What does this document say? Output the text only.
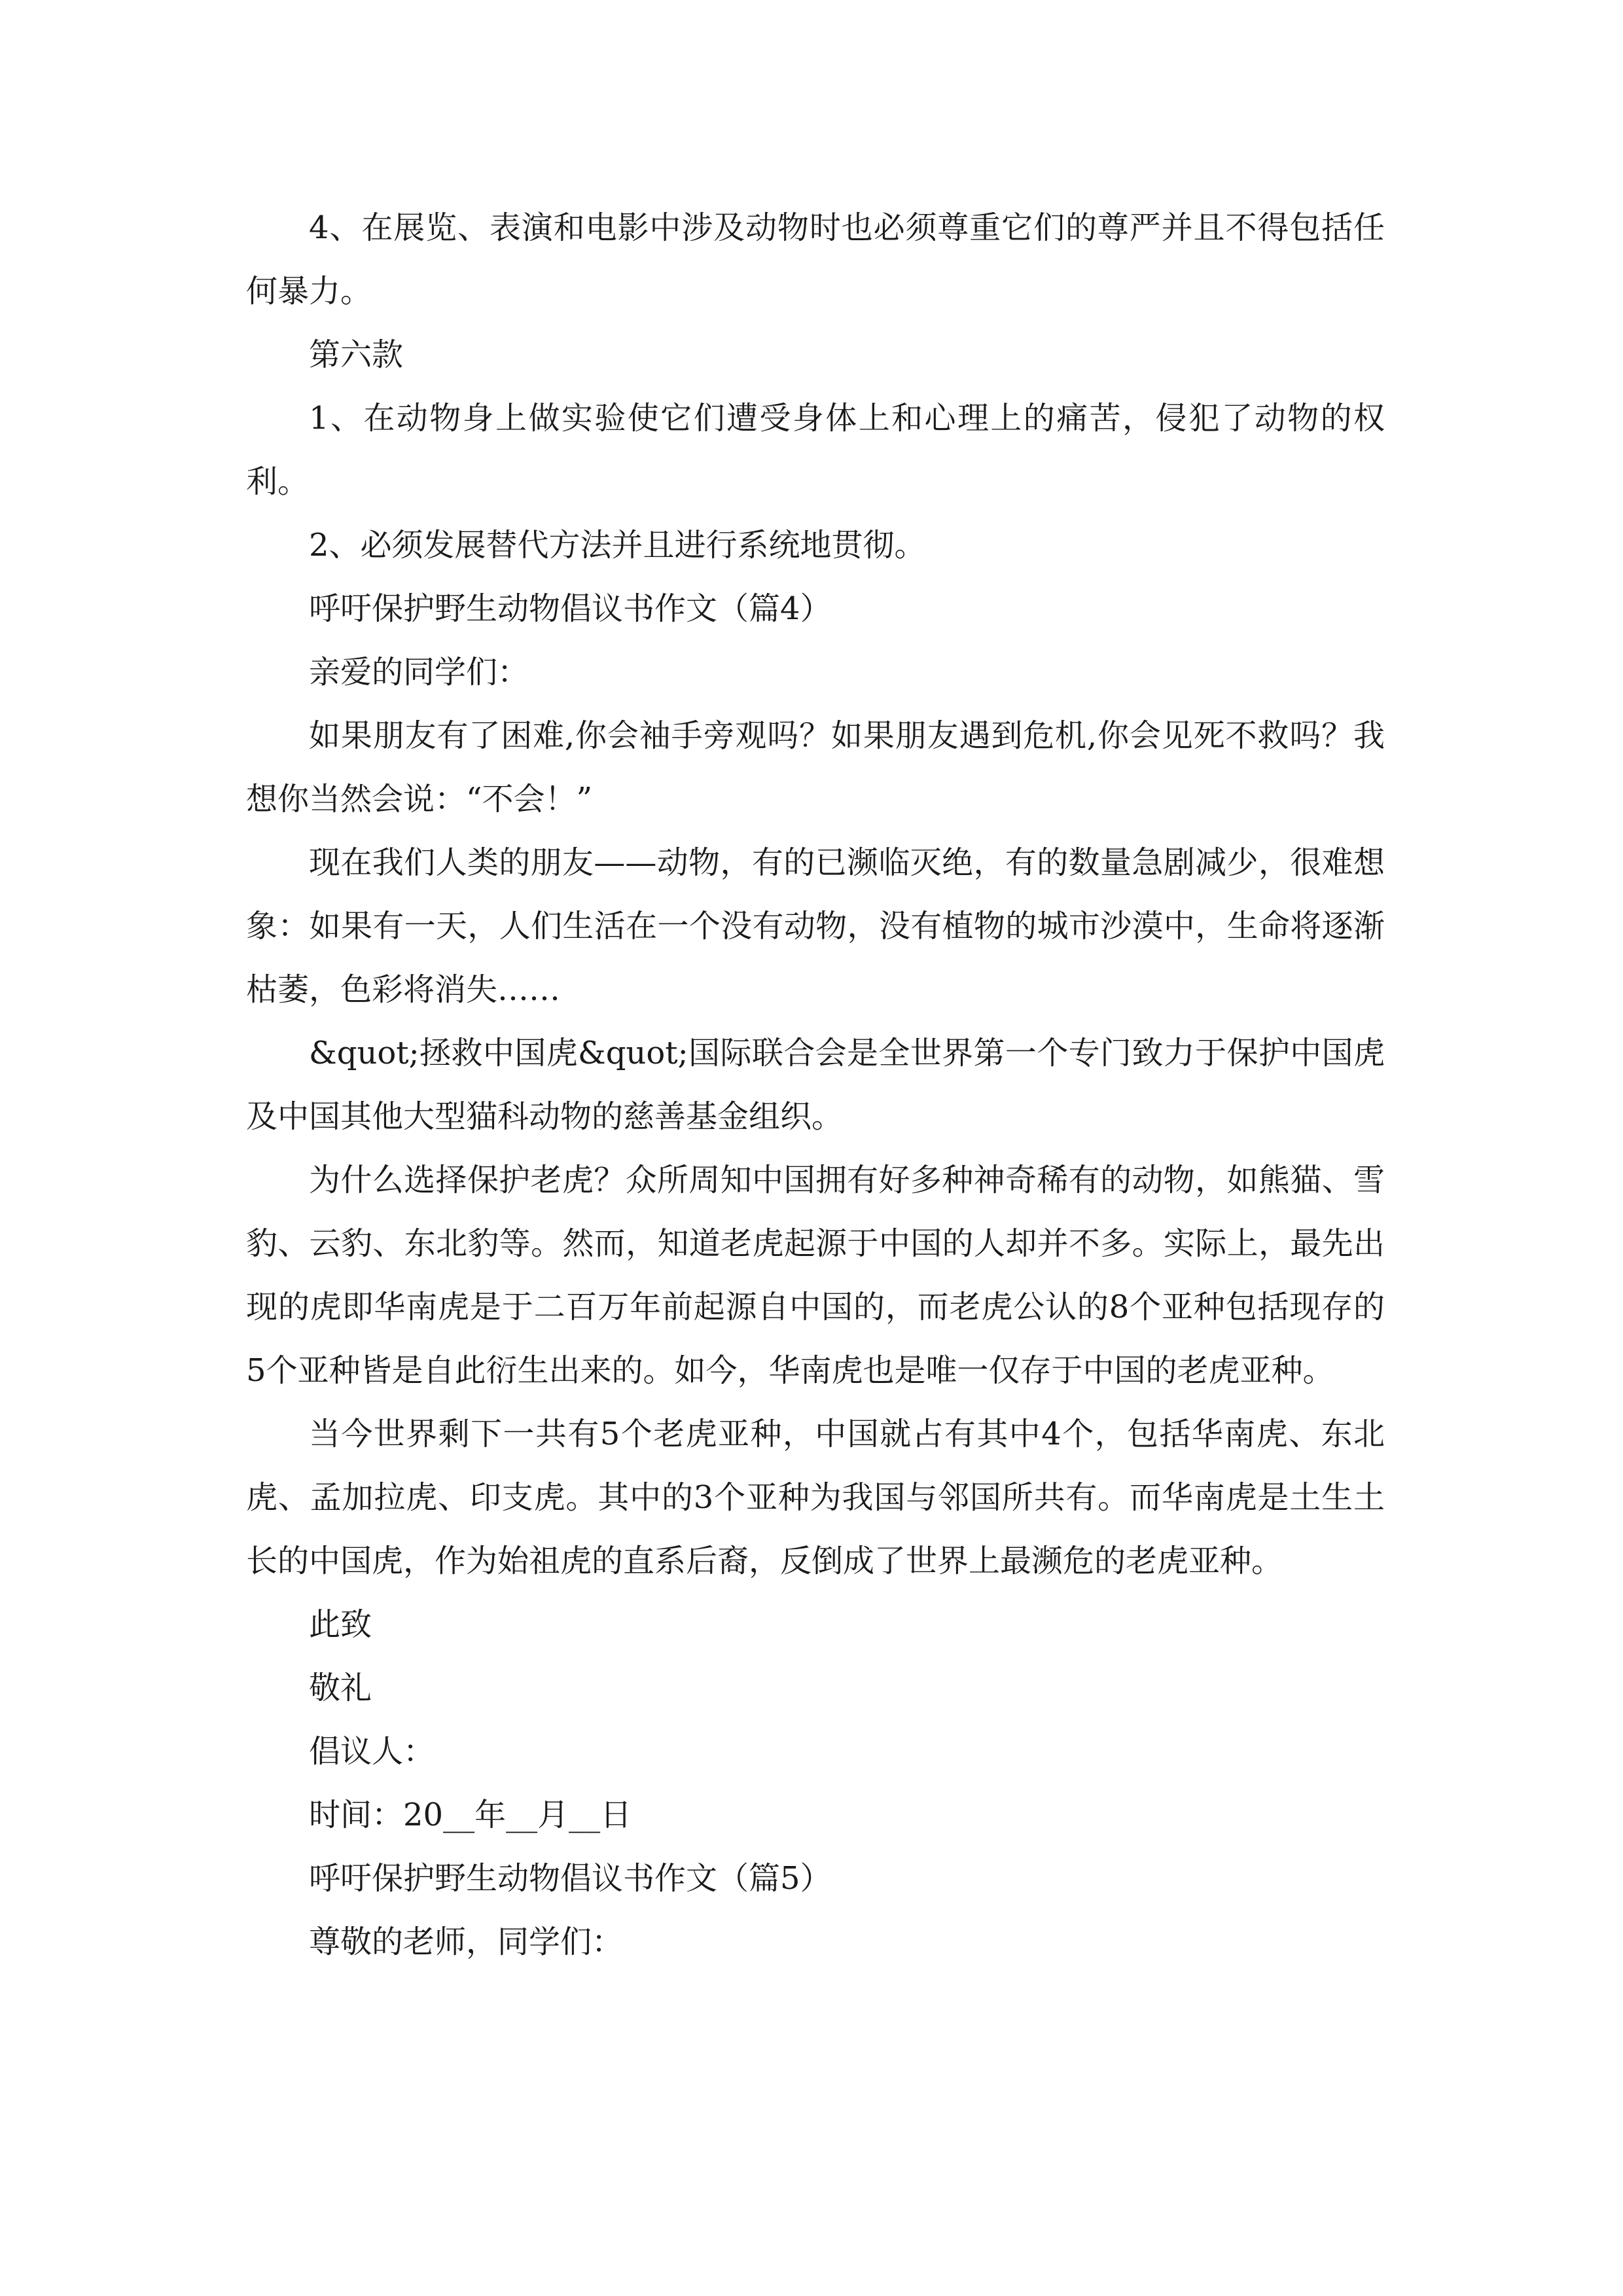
4、在展览、表演和电影中涉及动物时也必须尊重它们的尊严并且不得包括任何暴力。

第六款

1、在动物身上做实验使它们遭受身体上和心理上的痛苦，侵犯了动物的权利。

2、必须发展替代方法并且进行系统地贯彻。

呼吁保护野生动物倡议书作文（篇4）

亲爱的同学们：

如果朋友有了困难,你会袖手旁观吗？如果朋友遇到危机,你会见死不救吗？我想你当然会说：“不会！”

现在我们人类的朋友——动物，有的已濒临灭绝，有的数量急剧减少，很难想象：如果有一天，人们生活在一个没有动物，没有植物的城市沙漠中，生命将逐渐枯萎，色彩将消失……

&quot;拯救中国虎&quot;国际联合会是全世界第一个专门致力于保护中国虎及中国其他大型猫科动物的慈善基金组织。

为什么选择保护老虎？众所周知中国拥有好多种神奇稀有的动物，如熊猫、雪豹、云豹、东北豹等。然而，知道老虎起源于中国的人却并不多。实际上，最先出现的虎即华南虎是于二百万年前起源自中国的，而老虎公认的8个亚种包括现存的5个亚种皆是自此衍生出来的。如今，华南虎也是唯一仅存于中国的老虎亚种。

当今世界剩下一共有5个老虎亚种，中国就占有其中4个，包括华南虎、东北虎、孟加拉虎、印支虎。其中的3个亚种为我国与邻国所共有。而华南虎是土生土长的中国虎，作为始祖虎的直系后裔，反倒成了世界上最濒危的老虎亚种。

此致

敬礼

倡议人：

时间：20__年__月__日

呼吁保护野生动物倡议书作文（篇5）

尊敬的老师，同学们：
